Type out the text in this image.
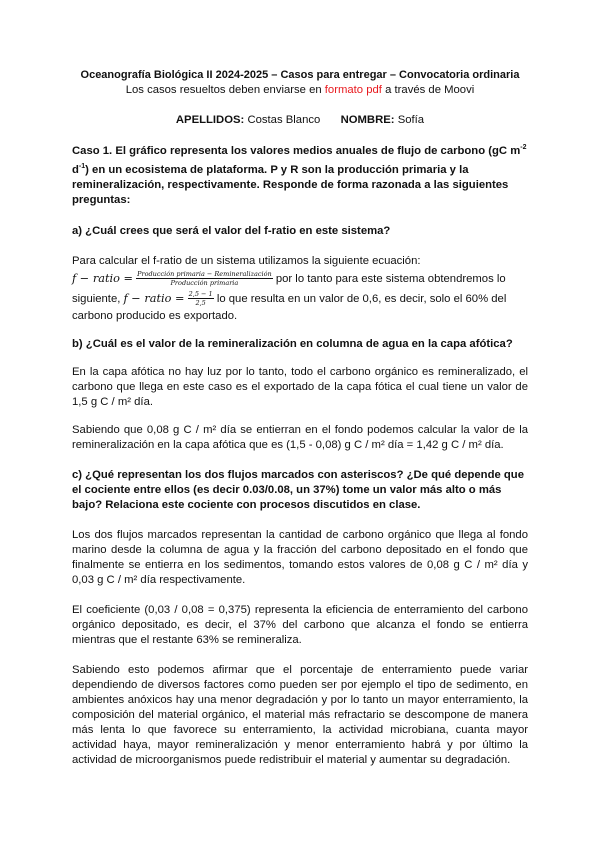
Oceanografía Biológica II 2024-2025 – Casos para entregar – Convocatoria ordinaria

Los casos resueltos deben enviarse en formato pdf a través de Moovi

APELLIDOS: Costas Blanco NOMBRE: Sofía

Caso 1. El gráfico representa los valores medios anuales de flujo de carbono (gC $m^{-2}$ $d^{-1}$) en un ecosistema de plataforma. P y R son la producción primaria y la remineralización, respectivamente. Responde de forma razonada a las siguientes preguntas:

a) ¿Cuál crees que será el valor del f-ratio en este sistema?

Para calcular el f-ratio de un sistema utilizamos la siguiente ecuación:

f − ratio = $\frac{\text{Producción primaria − Remineralización}}{\text{Producción primaria}}$ por lo tanto para este sistema obtendremos lo

siguiente, f − ratio = $\frac{2,5 - 1}{2,5}$ lo que resulta en un valor de 0,6, es decir, solo el 60% del

carbono producido es exportado.

b) ¿Cuál es el valor de la remineralización en columna de agua en la capa afótica?

En la capa afótica no hay luz por lo tanto, todo el carbono orgánico es remineralizado, el carbono que llega en este caso es el exportado de la capa fótica el cual tiene un valor de 1,5 g C / m² día.

Sabiendo que 0,08 g C / m² día se entierran en el fondo podemos calcular la valor de la remineralización en la capa afótica que es (1,5 - 0,08) g C / m² día = 1,42 g C / m² día.

c) ¿Qué representan los dos flujos marcados con asteriscos? ¿De qué depende que el cociente entre ellos (es decir 0.03/0.08, un 37%) tome un valor más alto o más bajo? Relaciona este cociente con procesos discutidos en clase.

Los dos flujos marcados representan la cantidad de carbono orgánico que llega al fondo marino desde la columna de agua y la fracción del carbono depositado en el fondo que finalmente se entierra en los sedimentos, tomando estos valores de 0,08 g C / m² día y 0,03 g C / m² día respectivamente.

El coeficiente (0,03 / 0,08 = 0,375) representa la eficiencia de enterramiento del carbono orgánico depositado, es decir, el 37% del carbono que alcanza el fondo se entierra mientras que el restante 63% se remineraliza.

Sabiendo esto podemos afirmar que el porcentaje de enterramiento puede variar dependiendo de diversos factores como pueden ser por ejemplo el tipo de sedimento, en ambientes anóxicos hay una menor degradación y por lo tanto un mayor enterramiento, la composición del material orgánico, el material más refractario se descompone de manera más lenta lo que favorece su enterramiento, la actividad microbiana, cuanta mayor actividad haya, mayor remineralización y menor enterramiento habrá y por último la actividad de microorganismos puede redistribuir el material y aumentar su degradación.
